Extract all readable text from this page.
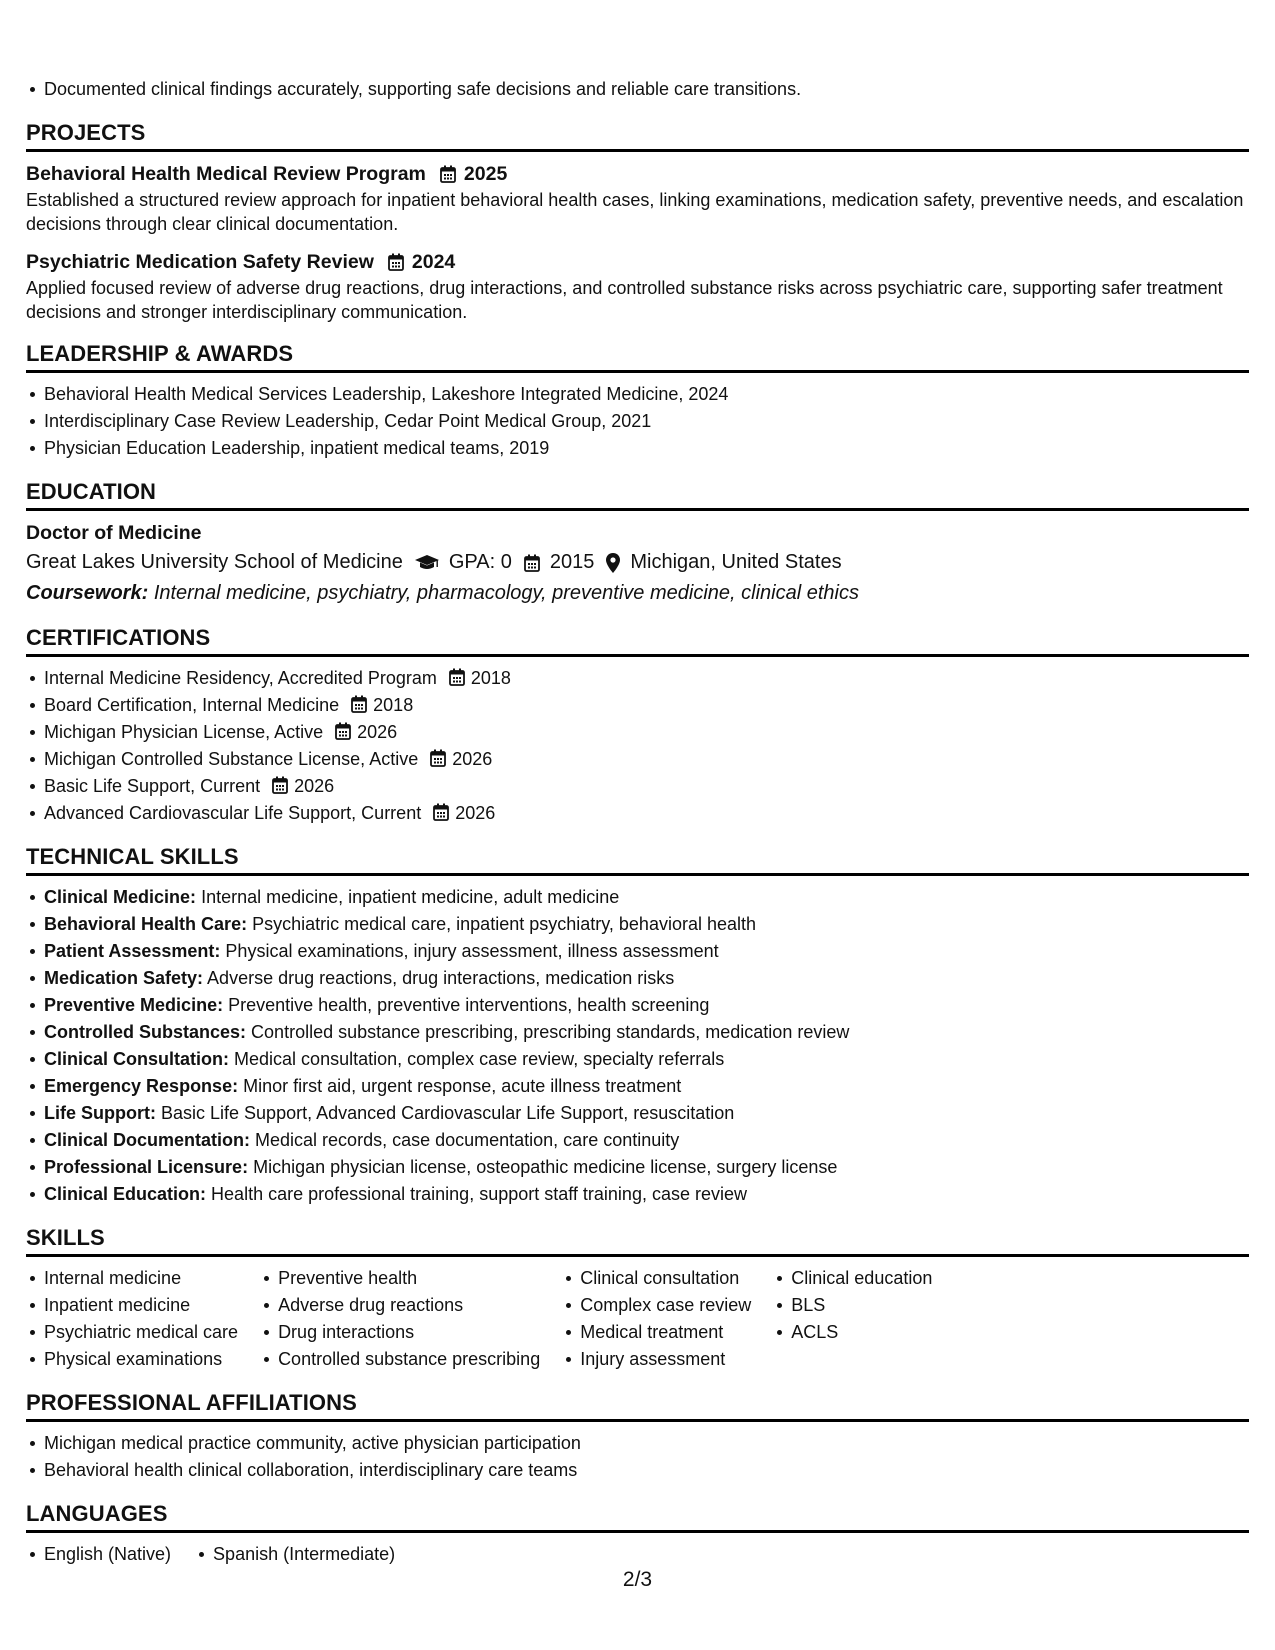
Documented clinical findings accurately, supporting safe decisions and reliable care transitions.
PROJECTS
Behavioral Health Medical Review Program 2025
Established a structured review approach for inpatient behavioral health cases, linking examinations, medication safety, preventive needs, and escalation decisions through clear clinical documentation.
Psychiatric Medication Safety Review 2024
Applied focused review of adverse drug reactions, drug interactions, and controlled substance risks across psychiatric care, supporting safer treatment decisions and stronger interdisciplinary communication.
LEADERSHIP & AWARDS
Behavioral Health Medical Services Leadership, Lakeshore Integrated Medicine, 2024
Interdisciplinary Case Review Leadership, Cedar Point Medical Group, 2021
Physician Education Leadership, inpatient medical teams, 2019
EDUCATION
Doctor of Medicine
Great Lakes University School of Medicine GPA: 0 2015 Michigan, United States
Coursework: Internal medicine, psychiatry, pharmacology, preventive medicine, clinical ethics
CERTIFICATIONS
Internal Medicine Residency, Accredited Program 2018
Board Certification, Internal Medicine 2018
Michigan Physician License, Active 2026
Michigan Controlled Substance License, Active 2026
Basic Life Support, Current 2026
Advanced Cardiovascular Life Support, Current 2026
TECHNICAL SKILLS
Clinical Medicine: Internal medicine, inpatient medicine, adult medicine
Behavioral Health Care: Psychiatric medical care, inpatient psychiatry, behavioral health
Patient Assessment: Physical examinations, injury assessment, illness assessment
Medication Safety: Adverse drug reactions, drug interactions, medication risks
Preventive Medicine: Preventive health, preventive interventions, health screening
Controlled Substances: Controlled substance prescribing, prescribing standards, medication review
Clinical Consultation: Medical consultation, complex case review, specialty referrals
Emergency Response: Minor first aid, urgent response, acute illness treatment
Life Support: Basic Life Support, Advanced Cardiovascular Life Support, resuscitation
Clinical Documentation: Medical records, case documentation, care continuity
Professional Licensure: Michigan physician license, osteopathic medicine license, surgery license
Clinical Education: Health care professional training, support staff training, case review
SKILLS
Internal medicine
Inpatient medicine
Psychiatric medical care
Physical examinations
Preventive health
Adverse drug reactions
Drug interactions
Controlled substance prescribing
Clinical consultation
Complex case review
Medical treatment
Injury assessment
Clinical education
BLS
ACLS
PROFESSIONAL AFFILIATIONS
Michigan medical practice community, active physician participation
Behavioral health clinical collaboration, interdisciplinary care teams
LANGUAGES
English (Native)	Spanish (Intermediate)
2/3
